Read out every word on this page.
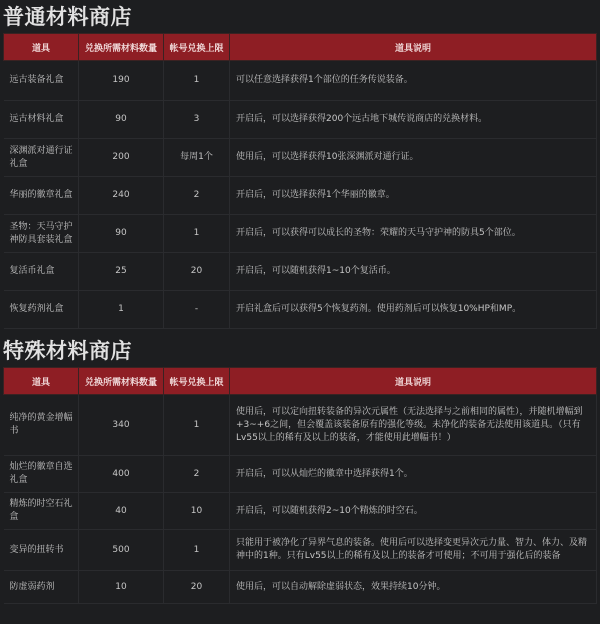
普通材料商店
道具	兑换所需材料数量	帐号兑换上限	道具说明
远古装备礼盒	190	1	可以任意选择获得1个部位的任务传说装备。
远古材料礼盒	90	3	开启后，可以选择获得200个远古地下城传说商店的兑换材料。
深渊派对通行证礼盒	200	每周1个	使用后，可以选择获得10张深渊派对通行证。
华丽的徽章礼盒	240	2	开启后，可以选择获得1个华丽的徽章。
圣物：天马守护神防具套装礼盒	90	1	开启后，可以获得可以成长的圣物：荣耀的天马守护神的防具5个部位。
复活币礼盒	25	20	开启后，可以随机获得1~10个复活币。
恢复药剂礼盒	1	-	开启礼盒后可以获得5个恢复药剂。使用药剂后可以恢复10%HP和MP。
特殊材料商店
道具	兑换所需材料数量	帐号兑换上限	道具说明
纯净的黄金增幅书	340	1	使用后，可以定向扭转装备的异次元属性（无法选择与之前相同的属性），并随机增幅到+3~+6之间，但会覆盖该装备原有的强化等级。未净化的装备无法使用该道具。（只有Lv55以上的稀有及以上的装备，才能使用此增幅书！）
灿烂的徽章自选礼盒	400	2	开启后，可以从灿烂的徽章中选择获得1个。
精炼的时空石礼盒	40	10	开启后，可以随机获得2~10个精炼的时空石。
变异的扭转书	500	1	只能用于被净化了异界气息的装备。使用后可以选择变更异次元力量、智力、体力、及精神中的1种。只有Lv55以上的稀有及以上的装备才可使用；不可用于强化后的装备
防虚弱药剂	10	20	使用后，可以自动解除虚弱状态，效果持续10分钟。
